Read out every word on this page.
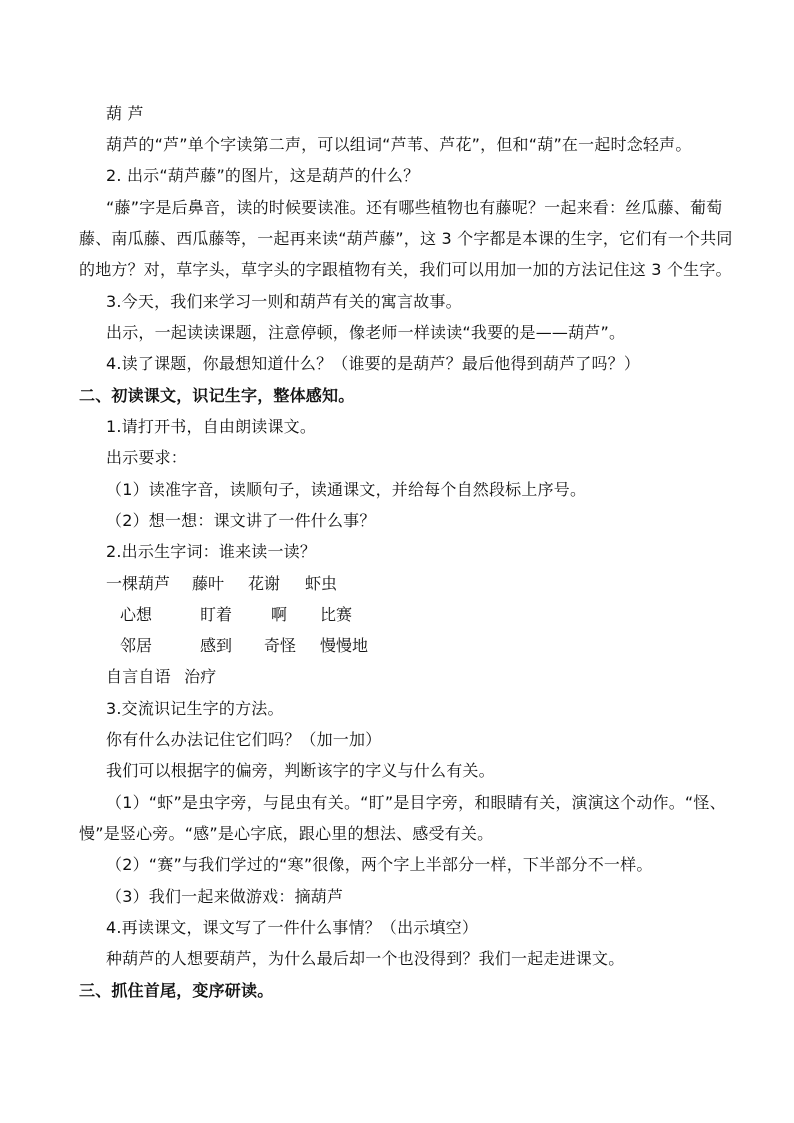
葫 芦
葫芦的“芦”单个字读第二声，可以组词“芦苇、芦花”，但和“葫”在一起时念轻声。
2. 出示“葫芦藤”的图片，这是葫芦的什么？
“藤”字是后鼻音，读的时候要读准。还有哪些植物也有藤呢？一起来看：丝瓜藤、葡萄
藤、南瓜藤、西瓜藤等，一起再来读“葫芦藤”，这 3 个字都是本课的生字，它们有一个共同
的地方？对，草字头，草字头的字跟植物有关，我们可以用加一加的方法记住这 3 个生字。
3.今天，我们来学习一则和葫芦有关的寓言故事。
出示，一起读读课题，注意停顿，像老师一样读读“我要的是——葫芦”。
4.读了课题，你最想知道什么？（谁要的是葫芦？最后他得到葫芦了吗？）
二、初读课文，识记生字，整体感知。
1.请打开书，自由朗读课文。
出示要求：
（1）读准字音，读顺句子，读通课文，并给每个自然段标上序号。
（2）想一想：课文讲了一件什么事？
2.出示生字词：谁来读一读？
一棵葫芦 藤叶 花谢 虾虫
心想	盯着 啊 比赛
邻居	感到 奇怪 慢慢地
自言自语 治疗
3.交流识记生字的方法。
你有什么办法记住它们吗？（加一加）
我们可以根据字的偏旁，判断该字的字义与什么有关。
（1）“虾”是虫字旁，与昆虫有关。“盯”是目字旁，和眼睛有关，演演这个动作。“怪、
慢”是竖心旁。“感”是心字底，跟心里的想法、感受有关。
（2）“赛”与我们学过的“寒”很像，两个字上半部分一样，下半部分不一样。
（3）我们一起来做游戏：摘葫芦
4.再读课文，课文写了一件什么事情？（出示填空）
种葫芦的人想要葫芦，为什么最后却一个也没得到？我们一起走进课文。
三、抓住首尾，变序研读。
